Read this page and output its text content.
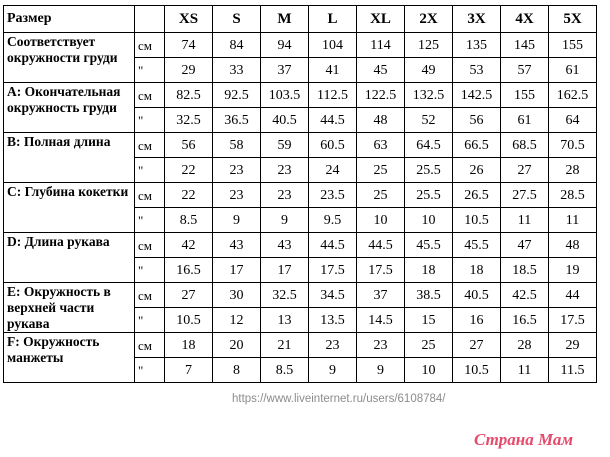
Размер		XS	S	M	L	XL	2X	3X	4X	5X
Соответствует окружности груди	см	74	84	94	104	114	125	135	145	155
	"	29	33	37	41	45	49	53	57	61
A: Окончательная окружность груди	см	82.5	92.5	103.5	112.5	122.5	132.5	142.5	155	162.5
	"	32.5	36.5	40.5	44.5	48	52	56	61	64
B: Полная длина	см	56	58	59	60.5	63	64.5	66.5	68.5	70.5
	"	22	23	23	24	25	25.5	26	27	28
C: Глубина кокетки	см	22	23	23	23.5	25	25.5	26.5	27.5	28.5
	"	8.5	9	9	9.5	10	10	10.5	11	11
D: Длина рукава	см	42	43	43	44.5	44.5	45.5	45.5	47	48
	"	16.5	17	17	17.5	17.5	18	18	18.5	19
E: Окружность в верхней части рукава	см	27	30	32.5	34.5	37	38.5	40.5	42.5	44
	"	10.5	12	13	13.5	14.5	15	16	16.5	17.5
F: Окружность манжеты	см	18	20	21	23	23	25	27	28	29
	"	7	8	8.5	9	9	10	10.5	11	11.5
https://www.liveinternet.ru/users/6108784/
Страна Мам
